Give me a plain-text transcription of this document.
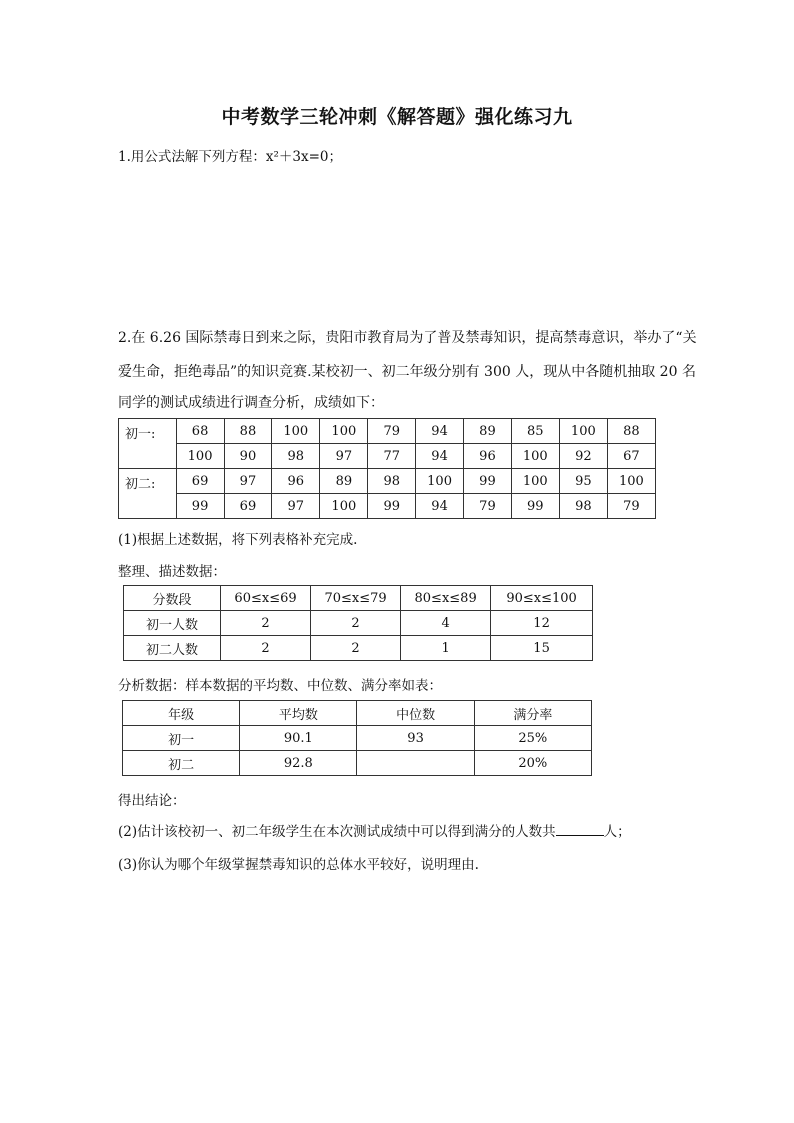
中考数学三轮冲刺《解答题》强化练习九
1.用公式法解下列方程：x²＋3x=0；
2.在 6.26 国际禁毒日到来之际，贵阳市教育局为了普及禁毒知识，提高禁毒意识，举办了“关
爱生命，拒绝毒品”的知识竞赛.某校初一、初二年级分别有 300 人，现从中各随机抽取 20 名
同学的测试成绩进行调查分析，成绩如下：
初一:	68	88	100	100	79	94	89	85	100	88
	100	90	98	97	77	94	96	100	92	67
初二:	69	97	96	89	98	100	99	100	95	100
	99	69	97	100	99	94	79	99	98	79
(1)根据上述数据，将下列表格补充完成.
整理、描述数据：
分数段	60≤x≤69	70≤x≤79	80≤x≤89	90≤x≤100
初一人数	2	2	4	12
初二人数	2	2	1	15
分析数据：样本数据的平均数、中位数、满分率如表：
年级	平均数	中位数	满分率
初一	90.1	93	25%
初二	92.8		20%
得出结论：
(2)估计该校初一、初二年级学生在本次测试成绩中可以得到满分的人数共	人；
(3)你认为哪个年级掌握禁毒知识的总体水平较好，说明理由.
